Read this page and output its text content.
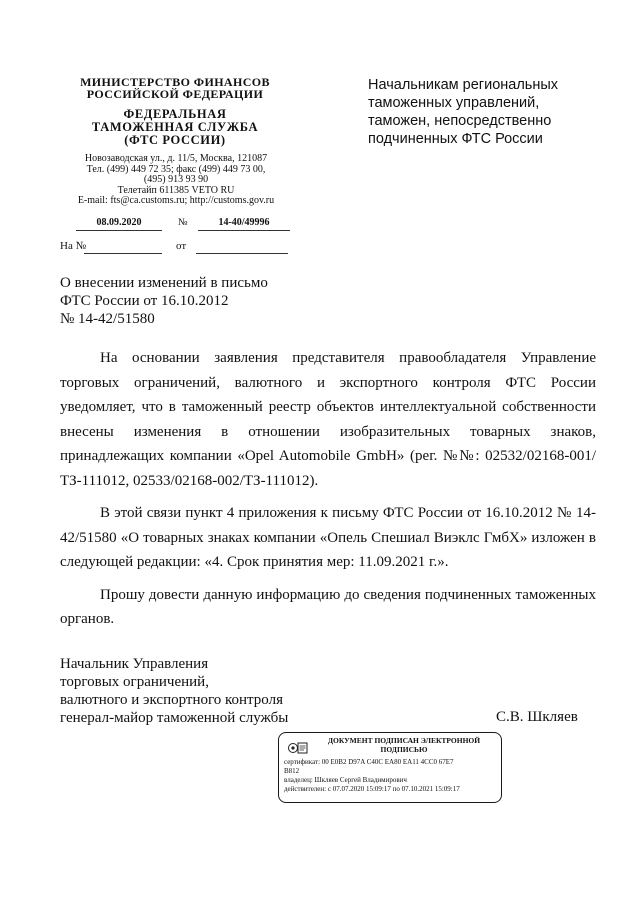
МИНИСТЕРСТВО ФИНАНСОВ
РОССИЙСКОЙ ФЕДЕРАЦИИ
ФЕДЕРАЛЬНАЯ
ТАМОЖЕННАЯ СЛУЖБА
(ФТС РОССИИ)
Новозаводская ул., д. 11/5, Москва, 121087
Тел. (499) 449 72 35; факс (499) 449 73 00,
(495) 913 93 90
Телетайп 611385 VETO RU
E-mail: fts@ca.customs.ru; http://customs.gov.ru
08.09.2020	№	14-40/49996
На №	от
Начальникам региональных
таможенных управлений,
таможен, непосредственно
подчиненных ФТС России
О внесении изменений в письмо
ФТС России от 16.10.2012
№ 14-42/51580

На основании заявления представителя правообладателя Управление торговых ограничений, валютного и экспортного контроля ФТС России уведомляет, что в таможенный реестр объектов интеллектуальной собственности внесены изменения в отношении изобразительных товарных знаков, принадлежащих компании «Opel Automobile GmbH» (рег. №№: 02532/02168-001/ТЗ-111012, 02533/02168-002/ТЗ-111012).

В этой связи пункт 4 приложения к письму ФТС России от 16.10.2012 № 14-42/51580 «О товарных знаках компании «Опель Спешиал Виэклс ГмбХ» изложен в следующей редакции: «4. Срок принятия мер: 11.09.2021 г.».

Прошу довести данную информацию до сведения подчиненных таможенных органов.

Начальник Управления
торговых ограничений,
валютного и экспортного контроля
генерал-майор таможенной службы	С.В. Шкляев
ДОКУМЕНТ ПОДПИСАН ЭЛЕКТРОННОЙ ПОДПИСЬЮ
сертификат: 00 E0B2 D97A C40C EA80 EA11 4CC0 67E7
B812
владелец: Шкляев Сергей Владимирович
действителен: с 07.07.2020 15:09:17 по 07.10.2021 15:09:17
